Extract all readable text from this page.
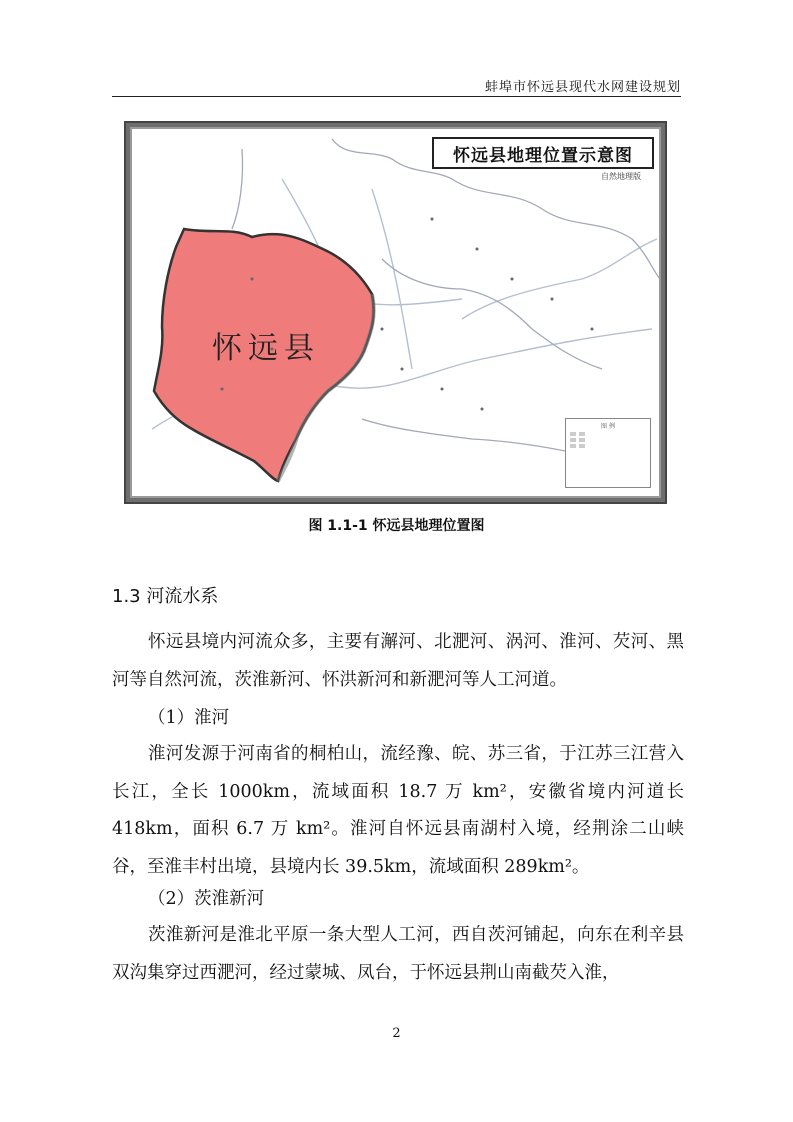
蚌埠市怀远县现代水网建设规划
怀远县地理位置示意图
自然地理版
怀远县
图 例
图 1.1-1 怀远县地理位置图
1.3 河流水系

怀远县境内河流众多，主要有澥河、北淝河、涡河、淮河、芡河、黑河等自然河流，茨淮新河、怀洪新河和新淝河等人工河道。

（1）淮河

淮河发源于河南省的桐柏山，流经豫、皖、苏三省，于江苏三江营入长江，全长 1000km，流域面积 18.7 万 km²，安徽省境内河道长 418km，面积 6.7 万 km²。淮河自怀远县南湖村入境，经荆涂二山峡谷，至淮丰村出境，县境内长 39.5km，流域面积 289km²。

（2）茨淮新河

茨淮新河是淮北平原一条大型人工河，西自茨河铺起，向东在利辛县双沟集穿过西淝河，经过蒙城、凤台，于怀远县荆山南截芡入淮，

2
